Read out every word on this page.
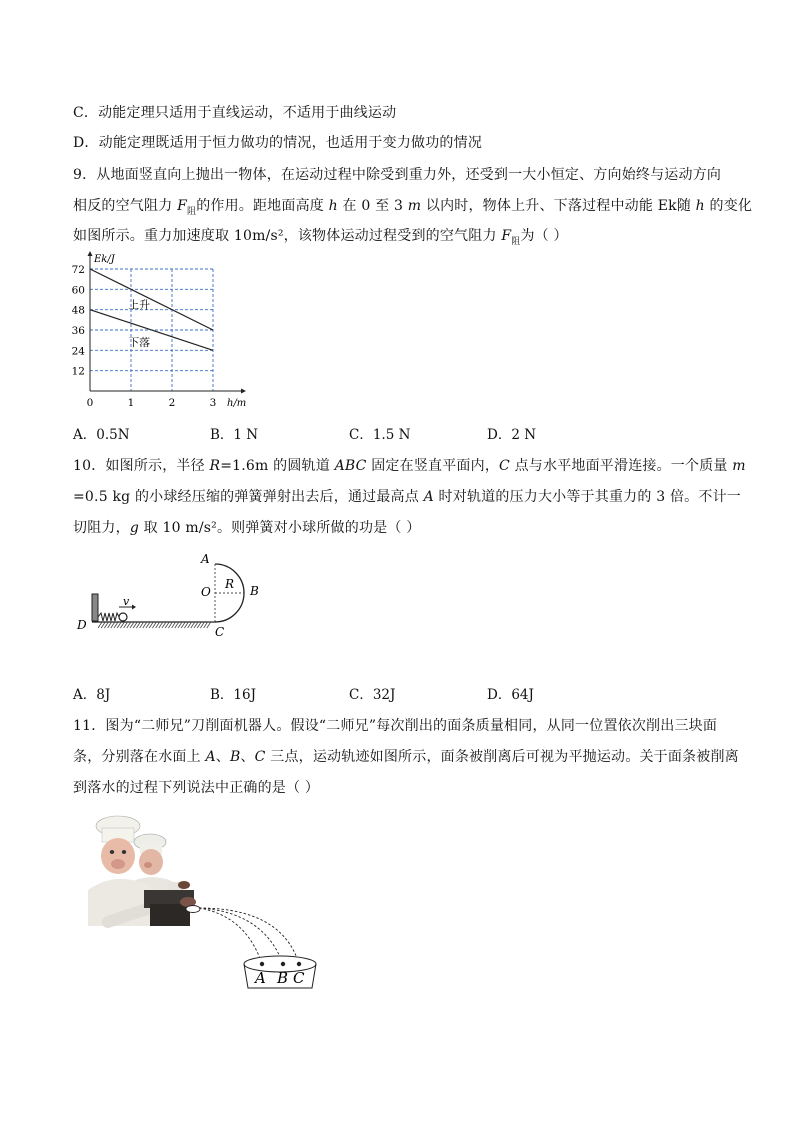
C．动能定理只适用于直线运动，不适用于曲线运动
D．动能定理既适用于恒力做功的情况，也适用于变力做功的情况
9．从地面竖直向上抛出一物体，在运动过程中除受到重力外，还受到一大小恒定、方向始终与运动方向
相反的空气阻力 $F_阻$的作用。距地面高度 h 在 0 至 3 m 以内时，物体上升、下落过程中动能 Ek随 h 的变化
如图所示。重力加速度取 10m/s²，该物体运动过程受到的空气阻力 $F_阻$为（ ）
12
24
36
48
60
72
0	1	2	3 h/m
Ek/J
上升
下落
A．0.5N	B．1 N	C．1.5 N	D．2 N
10．如图所示，半径 R=1.6m 的圆轨道 ABC 固定在竖直平面内，C 点与水平地面平滑连接。一个质量 m
=0.5 kg 的小球经压缩的弹簧弹射出去后，通过最高点 A 时对轨道的压力大小等于其重力的 3 倍。不计一
切阻力，g 取 10 m/s²。则弹簧对小球所做的功是（ ）
A
O
R B
C
D
v
A．8J	B．16J	C．32J	D．64J
11．图为“二师兄”刀削面机器人。假设“二师兄”每次削出的面条质量相同，从同一位置依次削出三块面
条，分别落在水面上 A、B、C 三点，运动轨迹如图所示，面条被削离后可视为平抛运动。关于面条被削离
到落水的过程下列说法中正确的是（ ）
A B C
